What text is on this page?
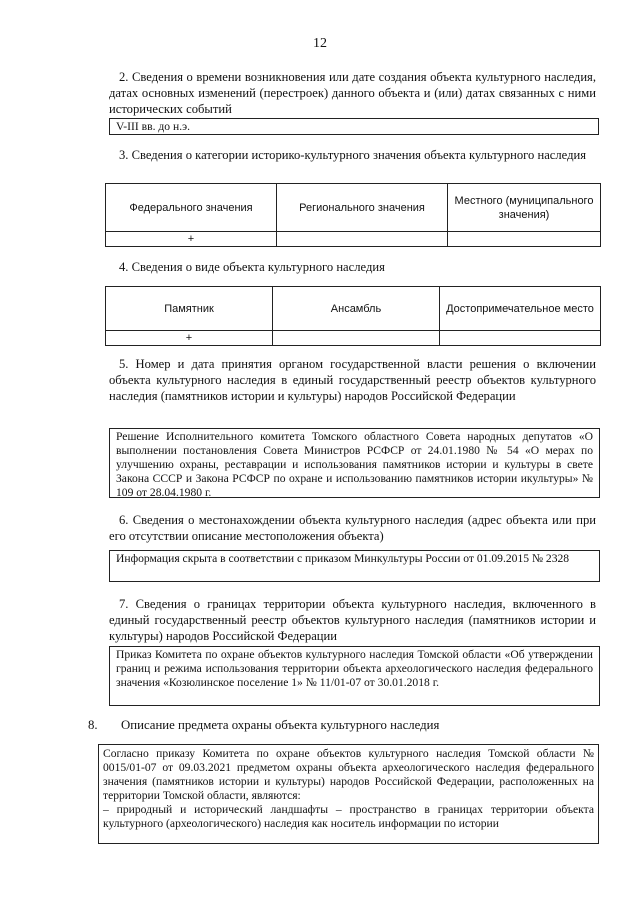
12
2. Сведения о времени возникновения или дате создания объекта культурного наследия, датах основных изменений (перестроек) данного объекта и (или) датах связанных с ними исторических событий
V-III вв. до н.э.
3. Сведения о категории историко-культурного значения объекта культурного наследия
Федерального значения	Регионального значения	Местного (муниципального значения)
+		
4. Сведения о виде объекта культурного наследия
Памятник	Ансамбль	Достопримечательное место
+		
5. Номер и дата принятия органом государственной власти решения о включении объекта культурного наследия в единый государственный реестр объектов культурного наследия (памятников истории и культуры) народов Российской Федерации
Решение Исполнительного комитета Томского областного Совета народных депутатов «О выполнении постановления Совета Министров РСФСР от 24.01.1980 № 54 «О мерах по улучшению охраны, реставрации и использования памятников истории и культуры в свете Закона СССР и Закона РСФСР по охране и использованию памятников истории икультуры» № 109 от 28.04.1980 г.
6. Сведения о местонахождении объекта культурного наследия (адрес объекта или при его отсутствии описание местоположения объекта)
Информация скрыта в соответствии с приказом Минкультуры России от 01.09.2015 № 2328
7. Сведения о границах территории объекта культурного наследия, включенного в единый государственный реестр объектов культурного наследия (памятников истории и культуры) народов Российской Федерации
Приказ Комитета по охране объектов культурного наследия Томской области «Об утверждении границ и режима использования территории объекта археологического наследия федерального значения «Козюлинское поселение 1» № 11/01-07 от 30.01.2018 г.
8. Описание предмета охраны объекта культурного наследия
Согласно приказу Комитета по охране объектов культурного наследия Томской области № 0015/01-07 от 09.03.2021 предметом охраны объекта археологического наследия федерального значения (памятников истории и культуры) народов Российской Федерации, расположенных на территории Томской области, являются:
– природный и исторический ландшафты – пространство в границах территории объекта культурного (археологического) наследия как носитель информации по истории
